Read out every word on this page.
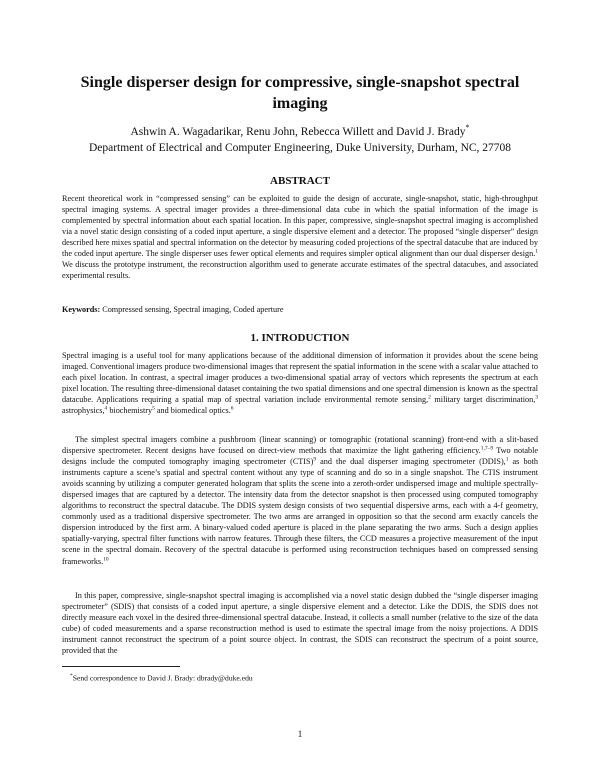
Single disperser design for compressive, single-snapshot spectral imaging
Ashwin A. Wagadarikar, Renu John, Rebecca Willett and David J. Brady*
Department of Electrical and Computer Engineering, Duke University, Durham, NC, 27708
ABSTRACT

Recent theoretical work in “compressed sensing” can be exploited to guide the design of accurate, single-snapshot, static, high-throughput spectral imaging systems. A spectral imager provides a three-dimensional data cube in which the spatial information of the image is complemented by spectral information about each spatial location. In this paper, compressive, single-snapshot spectral imaging is accomplished via a novel static design consisting of a coded input aperture, a single dispersive element and a detector. The proposed “single disperser” design described here mixes spatial and spectral information on the detector by measuring coded projections of the spectral datacube that are induced by the coded input aperture. The single disperser uses fewer optical elements and requires simpler optical alignment than our dual disperser design.$^1$ We discuss the prototype instrument, the reconstruction algorithm used to generate accurate estimates of the spectral datacubes, and associated experimental results.

Keywords: Compressed sensing, Spectral imaging, Coded aperture

1. INTRODUCTION

Spectral imaging is a useful tool for many applications because of the additional dimension of information it provides about the scene being imaged. Conventional imagers produce two-dimensional images that represent the spatial information in the scene with a scalar value attached to each pixel location. In contrast, a spectral imager produces a two-dimensional spatial array of vectors which represents the spectrum at each pixel location. The resulting three-dimensional dataset containing the two spatial dimensions and one spectral dimension is known as the spectral datacube. Applications requiring a spatial map of spectral variation include environmental remote sensing,$^2$ military target discrimination,$^3$ astrophysics,$^4$ biochemistry$^5$ and biomedical optics.$^6$

The simplest spectral imagers combine a pushbroom (linear scanning) or tomographic (rotational scanning) front-end with a slit-based dispersive spectrometer. Recent designs have focused on direct-view methods that maximize the light gathering efficiency.$^{1,7-9}$ Two notable designs include the computed tomography imaging spectrometer (CTIS)$^9$ and the dual disperser imaging spectrometer (DDIS),$^1$ as both instruments capture a scene’s spatial and spectral content without any type of scanning and do so in a single snapshot. The CTIS instrument avoids scanning by utilizing a computer generated hologram that splits the scene into a zeroth-order undispersed image and multiple spectrally-dispersed images that are captured by a detector. The intensity data from the detector snapshot is then processed using computed tomography algorithms to reconstruct the spectral datacube. The DDIS system design consists of two sequential dispersive arms, each with a 4-f geometry, commonly used as a traditional dispersive spectrometer. The two arms are arranged in opposition so that the second arm exactly cancels the dispersion introduced by the first arm. A binary-valued coded aperture is placed in the plane separating the two arms. Such a design applies spatially-varying, spectral filter functions with narrow features. Through these filters, the CCD measures a projective measurement of the input scene in the spectral domain. Recovery of the spectral datacube is performed using reconstruction techniques based on compressed sensing frameworks.$^{10}$

In this paper, compressive, single-snapshot spectral imaging is accomplished via a novel static design dubbed the “single disperser imaging spectrometer” (SDIS) that consists of a coded input aperture, a single dispersive element and a detector. Like the DDIS, the SDIS does not directly measure each voxel in the desired three-dimensional spectral datacube. Instead, it collects a small number (relative to the size of the data cube) of coded measurements and a sparse reconstruction method is used to estimate the spectral image from the noisy projections. A DDIS instrument cannot reconstruct the spectrum of a point source object. In contrast, the SDIS can reconstruct the spectrum of a point source, provided that the

*Send correspondence to David J. Brady: dbrady@duke.edu
1
